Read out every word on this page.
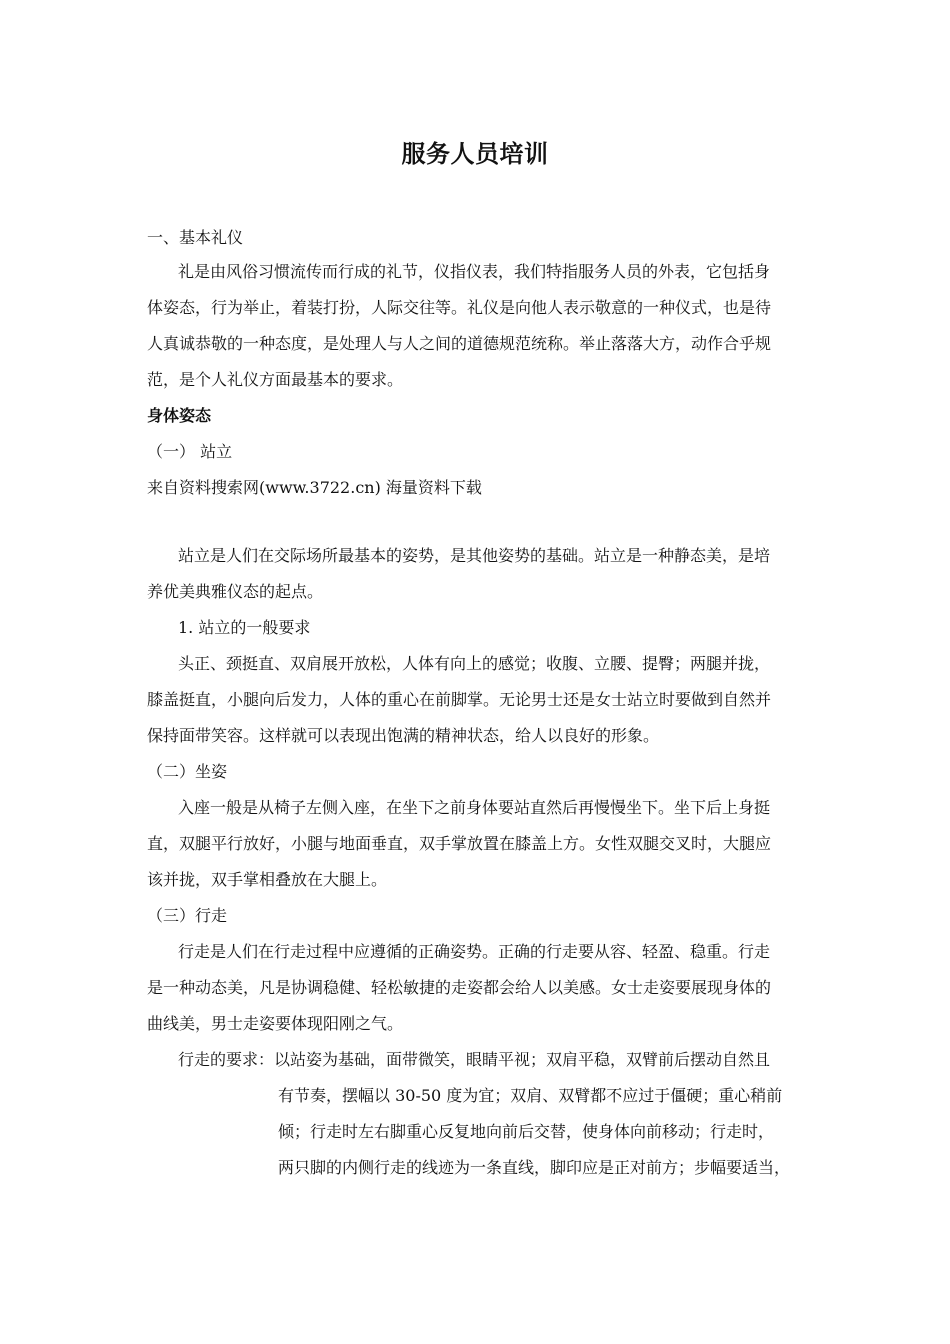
服务人员培训
一、基本礼仪
礼是由风俗习惯流传而行成的礼节，仪指仪表，我们特指服务人员的外表，它包括身
体姿态，行为举止，着装打扮，人际交往等。礼仪是向他人表示敬意的一种仪式，也是待
人真诚恭敬的一种态度，是处理人与人之间的道德规范统称。举止落落大方，动作合乎规
范，是个人礼仪方面最基本的要求。
身体姿态
（一） 站立
来自资料搜索网(www.3722.cn) 海量资料下载
站立是人们在交际场所最基本的姿势，是其他姿势的基础。站立是一种静态美，是培
养优美典雅仪态的起点。
1. 站立的一般要求
头正、颈挺直、双肩展开放松，人体有向上的感觉；收腹、立腰、提臀；两腿并拢，
膝盖挺直，小腿向后发力，人体的重心在前脚掌。无论男士还是女士站立时要做到自然并
保持面带笑容。这样就可以表现出饱满的精神状态，给人以良好的形象。
（二）坐姿
入座一般是从椅子左侧入座，在坐下之前身体要站直然后再慢慢坐下。坐下后上身挺
直，双腿平行放好，小腿与地面垂直，双手掌放置在膝盖上方。女性双腿交叉时，大腿应
该并拢，双手掌相叠放在大腿上。
（三）行走
行走是人们在行走过程中应遵循的正确姿势。正确的行走要从容、轻盈、稳重。行走
是一种动态美，凡是协调稳健、轻松敏捷的走姿都会给人以美感。女士走姿要展现身体的
曲线美，男士走姿要体现阳刚之气。
行走的要求：以站姿为基础，面带微笑，眼睛平视；双肩平稳，双臂前后摆动自然且
有节奏，摆幅以 30-50 度为宜；双肩、双臂都不应过于僵硬；重心稍前
倾；行走时左右脚重心反复地向前后交替，使身体向前移动；行走时，
两只脚的内侧行走的线迹为一条直线，脚印应是正对前方；步幅要适当，
